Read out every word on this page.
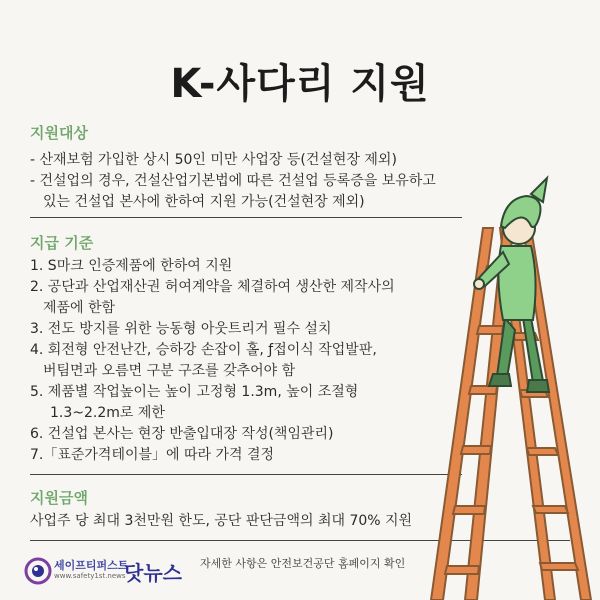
K-사다리 지원
지원대상
- 산재보험 가입한 상시 50인 미만 사업장 등(건설현장 제외)
- 건설업의 경우, 건설산업기본법에 따른 건설업 등록증을 보유하고
있는 건설업 본사에 한하여 지원 가능(건설현장 제외)
지급 기준
1. S마크 인증제품에 한하여 지원
2. 공단과 산업재산권 허여계약을 체결하여 생산한 제작사의
제품에 한함
3. 전도 방지를 위한 능동형 아웃트리거 필수 설치
4. 회전형 안전난간, 승하강 손잡이 홀, ƒ접이식 작업발판,
버팀면과 오름면 구분 구조를 갖추어야 함
5. 제품별 작업높이는 높이 고정형 1.3m, 높이 조절형
1.3~2.2m로 제한
6. 건설업 본사는 현장 반출입대장 작성(책임관리)
7.「표준가격테이블」에 따라 가격 결정
지원금액
사업주 당 최대 3천만원 한도, 공단 판단금액의 최대 70% 지원
세이프티퍼스트
www.safety1st.news
닷뉴스 자세한 사항은 안전보건공단 홈페이지 확인
